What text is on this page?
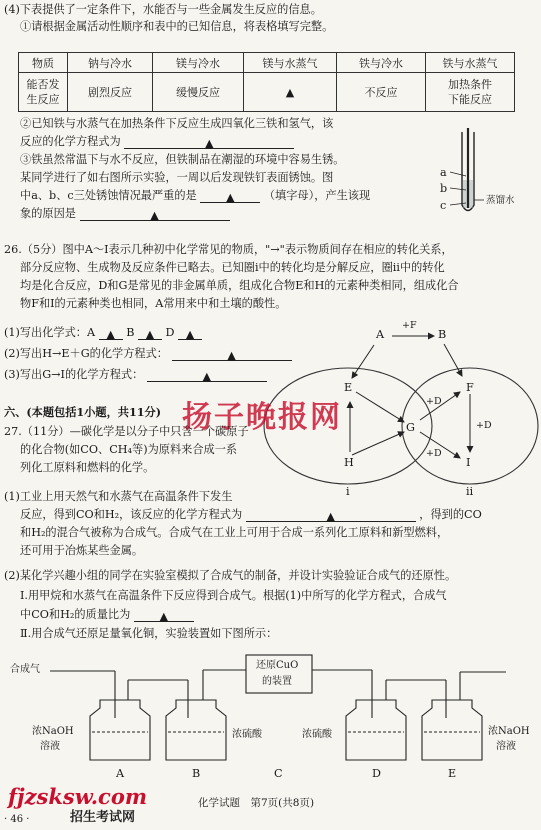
(4)下表提供了一定条件下，水能否与一些金属发生反应的信息。
①请根据金属活动性顺序和表中的已知信息，将表格填写完整。
物质	钠与冷水	镁与冷水	镁与水蒸气	铁与冷水	铁与水蒸气
能否发
生反应	剧烈反应	缓慢反应	▲	不反应	加热条件
下能反应
②已知铁与水蒸气在加热条件下反应生成四氧化三铁和氢气，该
反应的化学方程式为	▲
③铁虽然常温下与水不反应，但铁制品在潮湿的环境中容易生锈。
某同学进行了如右图所示实验，一周以后发现铁钉表面锈蚀。图
中a、b、c三处锈蚀情况最严重的是	▲	（填字母），产生该现
象的原因是	▲
a
b
c	蒸馏水
26.（5分）图中A～I表示几种初中化学常见的物质，"→"表示物质间存在相应的转化关系，
部分反应物、生成物及反应条件已略去。已知圈ⅰ中的转化均是分解反应，圈ⅱ中的转化
均是化合反应，D和G是常见的非金属单质，组成化合物E和H的元素种类相同，组成化合
物F和I的元素种类也相同，A常用来中和土壤的酸性。
(1)写出化学式：A ▲ B ▲ D ▲
(2)写出H→E＋G的化学方程式：	▲
(3)写出G→I的化学方程式：	▲
A	B
+F
E	F
G
H	I
+D
+D
+D
ⅰ	ⅱ
扬子晚报网
六、(本题包括1小题，共11分)
27.（11分）—碳化学是以分子中只含一个碳原子
的化合物(如CO、CH₄等)为原料来合成一系
列化工原料和燃料的化学。
(1)工业上用天然气和水蒸气在高温条件下发生
反应，得到CO和H₂，该反应的化学方程式为	▲	，得到的CO
和H₂的混合气被称为合成气。合成气在工业上可用于合成一系列化工原料和新型燃料，
还可用于冶炼某些金属。
(2)某化学兴趣小组的同学在实验室模拟了合成气的制备，并设计实验验证合成气的还原性。
Ⅰ.用甲烷和水蒸气在高温条件下反应得到合成气。根据(1)中所写的化学方程式，合成气
中CO和H₂的质量比为	▲
Ⅱ.用合成气还原足量氧化铜，实验装置如下图所示：
合成气	还原CuO
的装置
浓NaOH
溶液
浓硫酸	浓硫酸	浓NaOH
溶液
A	B	C	D	E
fjzsksw.com
招生考试网
化学试题　第7页(共8页)
· 46 ·
